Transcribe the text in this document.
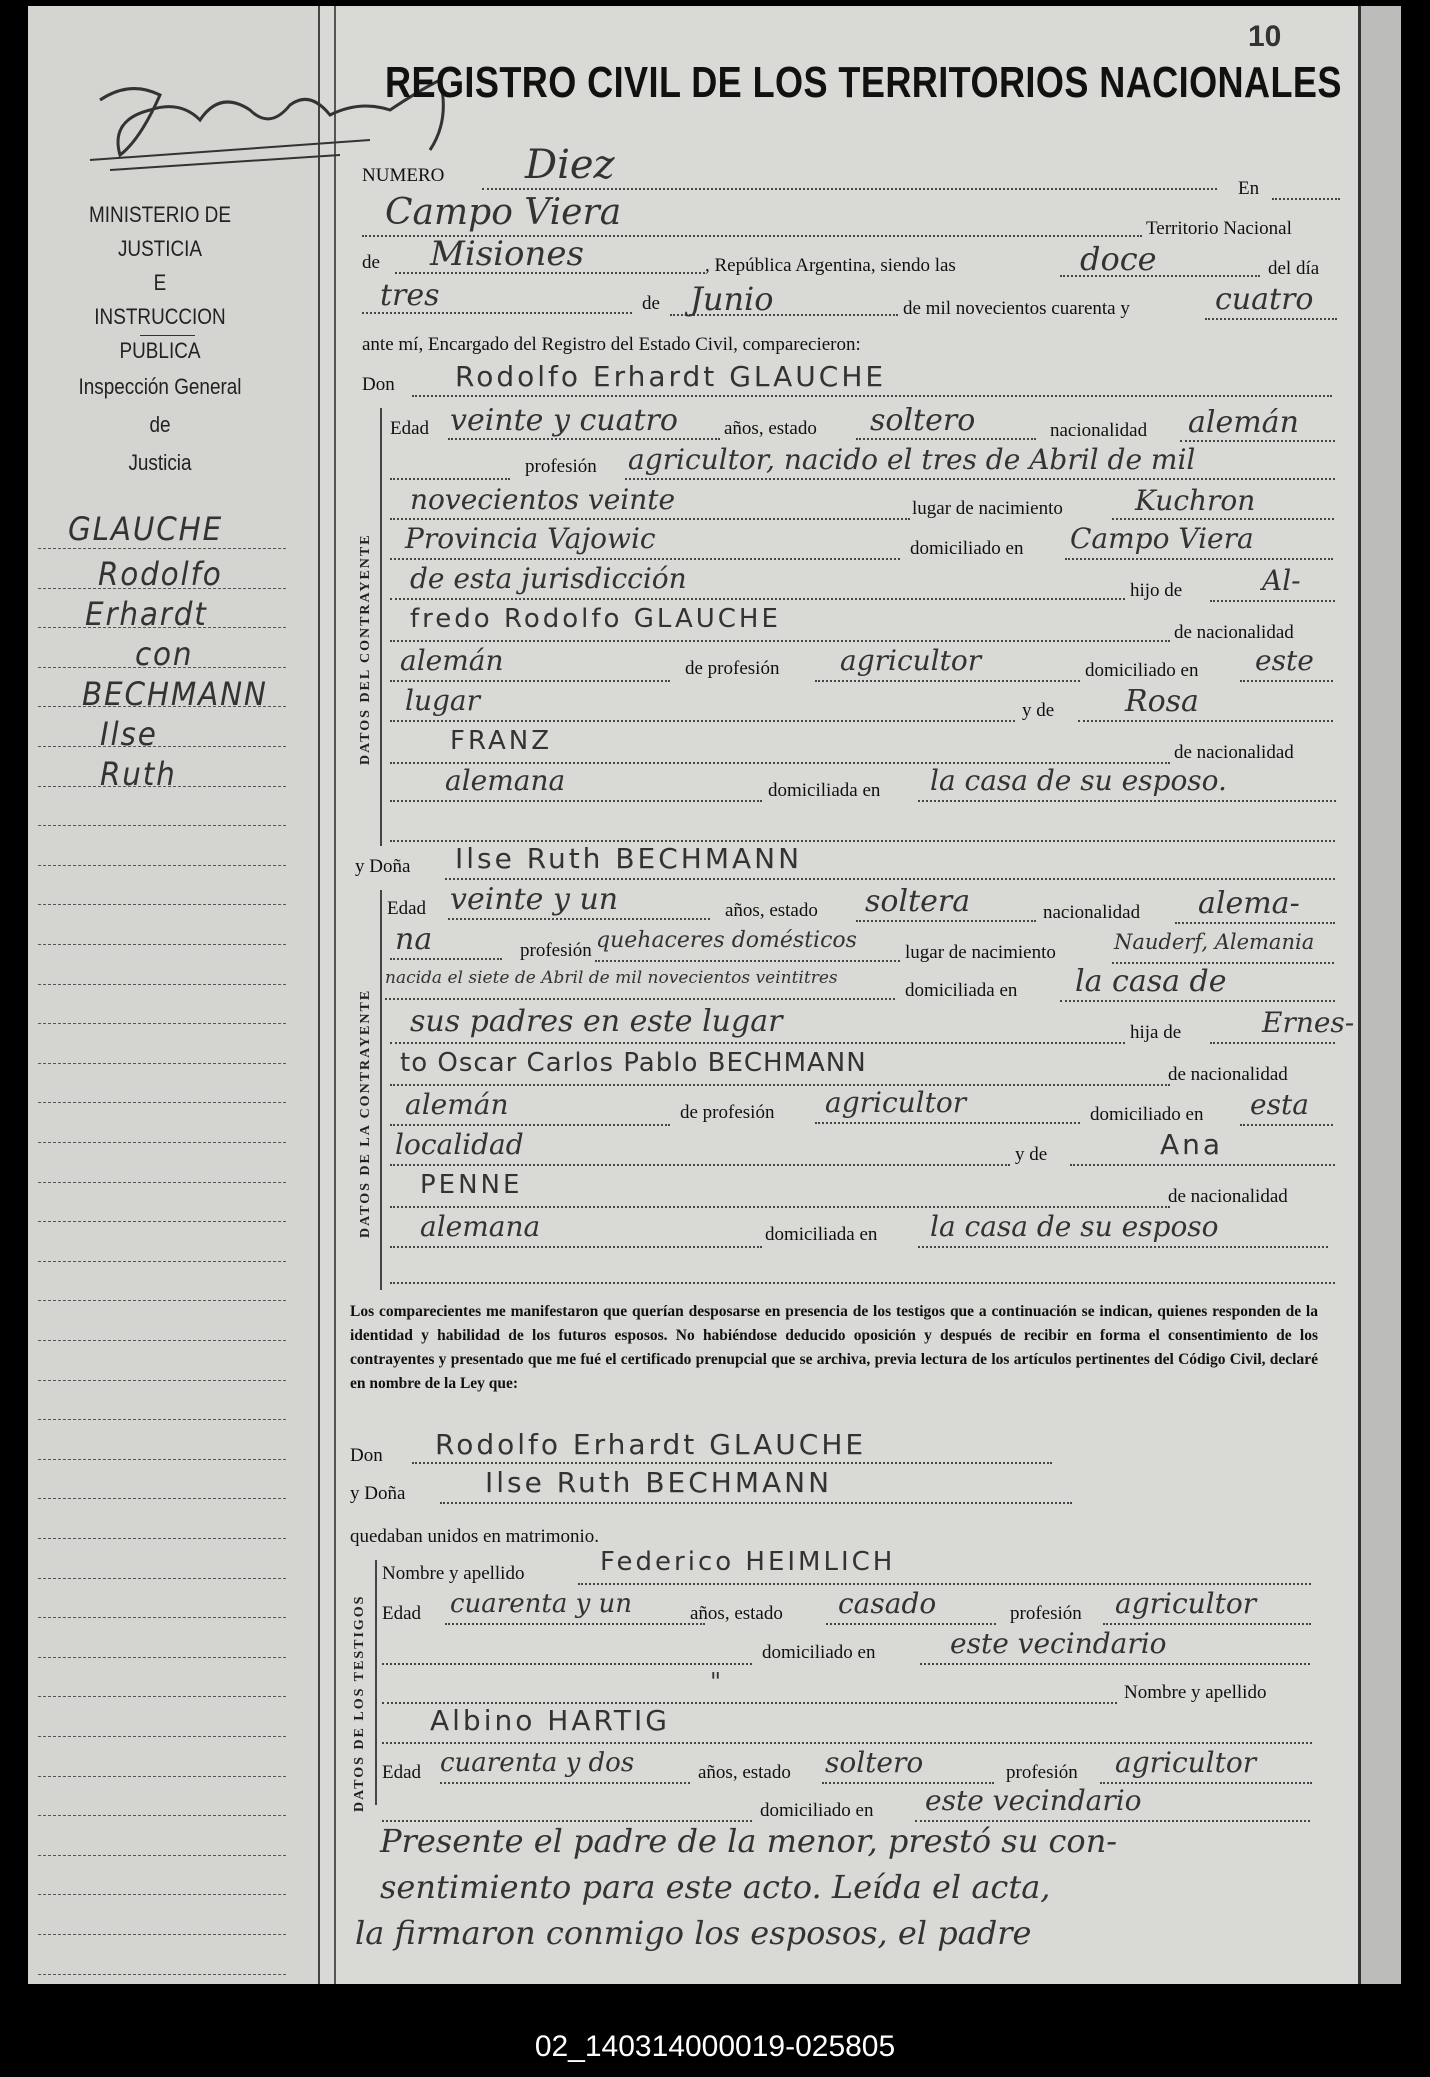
10
REGISTRO CIVIL DE LOS TERRITORIOS NACIONALES
MINISTERIO DE JUSTICIA
E
INSTRUCCION PUBLICA
Inspección General
de
Justicia
GLAUCHE
Rodolfo
Erhardt
con
BECHMANN
Ilse
Ruth
NUMERO Diez
En
Campo Viera	Territorio Nacional
de Misiones	, República Argentina, siendo las	doce	del día
tres	de Junio	de mil novecientos cuarenta y	cuatro
ante mí, Encargado del Registro del Estado Civil, comparecieron:
Don Rodolfo Erhardt GLAUCHE
DATOS DEL CONTRAYENTE
Edad veinte y cuatro años, estado soltero	nacionalidad alemán
profesión agricultor, nacido el tres de Abril de mil
novecientos veinte	lugar de nacimiento	Kuchron
Provincia Vajowic	domiciliado en Campo Viera
de esta jurisdicción	hijo de	Al-
fredo Rodolfo GLAUCHE	de nacionalidad
alemán	de profesión agricultor	domiciliado en este
lugar	y de Rosa
FRANZ	de nacionalidad
alemana	domiciliada en la casa de su esposo.
y Doña Ilse Ruth BECHMANN
DATOS DE LA CONTRAYENTE
Edad veinte y un	años, estado soltera	nacionalidad alema-
na	profesión quehaceres domésticos	lugar de nacimiento	Nauderf, Alemania
nacida el siete de Abril de mil novecientos veintitres
domiciliada en la casa de
sus padres en este lugar	hija de	Ernes-
to Oscar Carlos Pablo BECHMANN	de nacionalidad
alemán	de profesión agricultor	domiciliado en esta
localidad	y de	Ana
PENNE	de nacionalidad
alemana	domiciliada en la casa de su esposo
Los comparecientes me manifestaron que querían desposarse en presencia de los testigos que a continuación se indican, quienes responden de la identidad y habilidad de los futuros esposos. No habiéndose deducido oposición y después de recibir en forma el consentimiento de los contrayentes y presentado que me fué el certificado prenupcial que se archiva, previa lectura de los artículos pertinentes del Código Civil, declaré en nombre de la Ley que:
Don Rodolfo Erhardt GLAUCHE
y Doña	Ilse Ruth BECHMANN
quedaban unidos en matrimonio.
DATOS DE LOS TESTIGOS
Nombre y apellido	Federico HEIMLICH
Edad cuarenta y un	años, estado casado	profesión agricultor
domiciliado en	este vecindario
"	Nombre y apellido
Albino HARTIG
Edad cuarenta y dos	años, estado soltero	profesión agricultor
domiciliado en este vecindario
Presente el padre de la menor, prestó su con-
sentimiento para este acto. Leída el acta,
la firmaron conmigo los esposos, el padre
02_140314000019-025805
